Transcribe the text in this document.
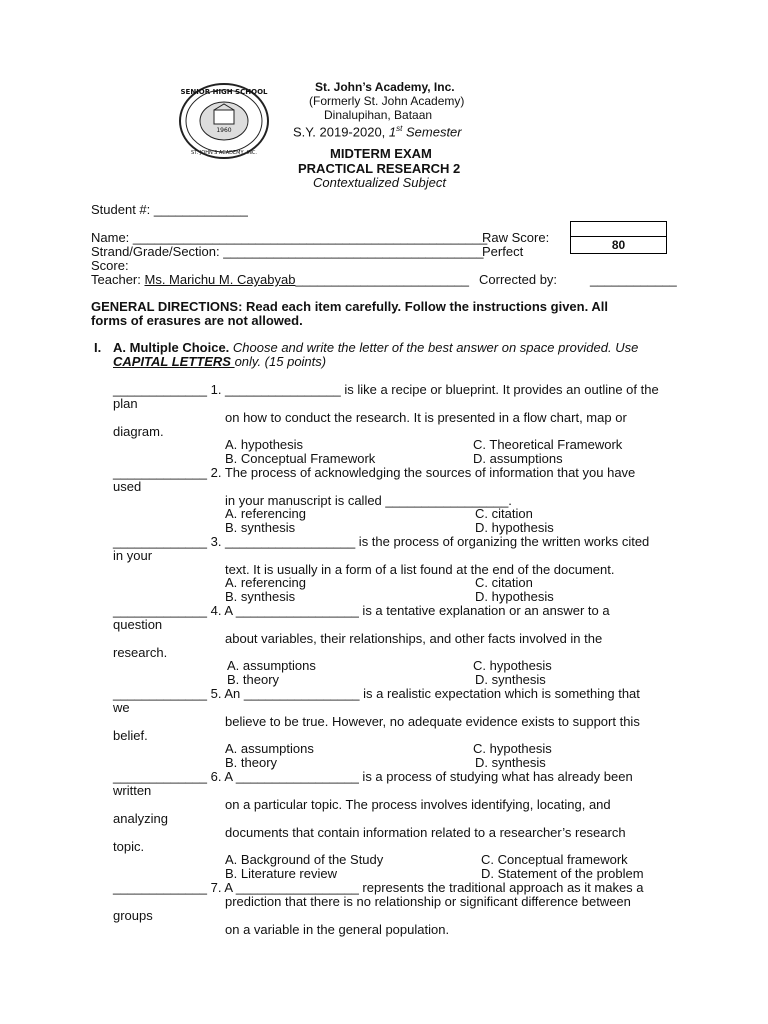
1960
SENIOR HIGH SCHOOL
ST. JOHN'S ACADEMY, INC.
St. John’s Academy, Inc.
(Formerly St. John Academy)
Dinalupihan, Bataan
S.Y. 2019-2020, 1st Semester
MIDTERM EXAM
PRACTICAL RESEARCH 2
Contextualized Subject
Student #: _____________
Name: _________________________________________________
Raw Score:
Strand/Grade/Section: ____________________________________
Perfect
Score:
Teacher: Ms. Marichu M. Cayabyab________________________ Corrected by:	____________
80
GENERAL DIRECTIONS: Read each item carefully. Follow the instructions given. All
forms of erasures are not allowed.
I. A. Multiple Choice. Choose and write the letter of the best answer on space provided. Use
CAPITAL LETTERS only. (15 points)
_____________ 1. ________________ is like a recipe or blueprint. It provides an outline of the
plan
on how to conduct the research. It is presented in a flow chart, map or
diagram.
A. hypothesis	C. Theoretical Framework
B. Conceptual Framework	D. assumptions
_____________ 2. The process of acknowledging the sources of information that you have
used
in your manuscript is called _________________.
A. referencing	C. citation
B. synthesis	D. hypothesis
_____________ 3. __________________ is the process of organizing the written works cited
in your
text. It is usually in a form of a list found at the end of the document.
A. referencing	C. citation
B. synthesis	D. hypothesis
_____________ 4. A _________________ is a tentative explanation or an answer to a
question
about variables, their relationships, and other facts involved in the
research.
A. assumptions	C. hypothesis
B. theory	D. synthesis
_____________ 5. An ________________ is a realistic expectation which is something that
we
believe to be true. However, no adequate evidence exists to support this
belief.
A. assumptions	C. hypothesis
B. theory	D. synthesis
_____________ 6. A _________________ is a process of studying what has already been
written
on a particular topic. The process involves identifying, locating, and
analyzing
documents that contain information related to a researcher’s research
topic.
A. Background of the Study	C. Conceptual framework
B. Literature review	D. Statement of the problem
_____________ 7. A _________________ represents the traditional approach as it makes a
prediction that there is no relationship or significant difference between
groups
on a variable in the general population.
